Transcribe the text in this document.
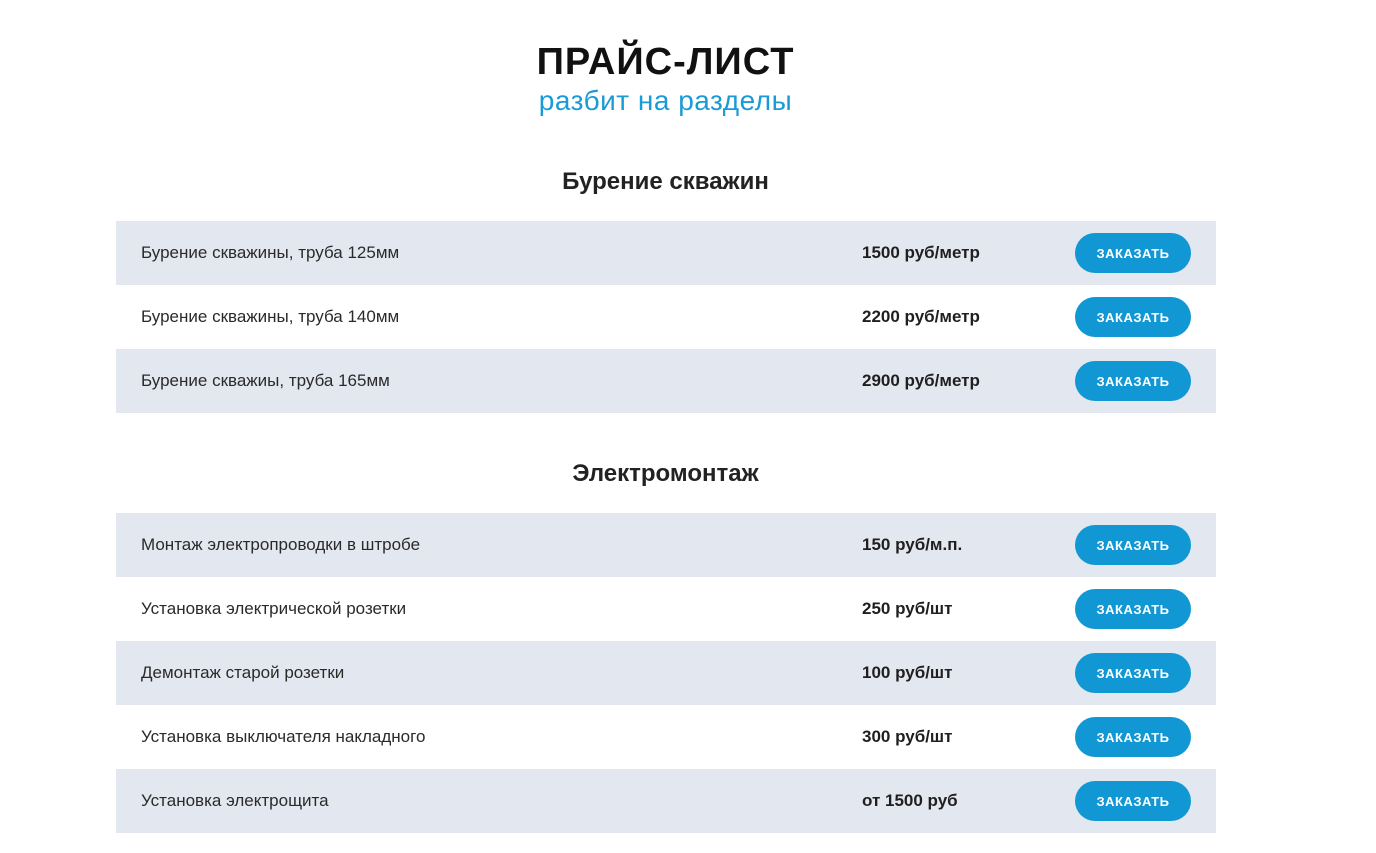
ПРАЙС-ЛИСТ
разбит на разделы
Бурение скважин
Бурение скважины, труба 125мм	1500 руб/метр	ЗАКАЗАТЬ
Бурение скважины, труба 140мм	2200 руб/метр	ЗАКАЗАТЬ
Бурение скважиы, труба 165мм	2900 руб/метр	ЗАКАЗАТЬ
Электромонтаж
Монтаж электропроводки в штробе	150 руб/м.п.	ЗАКАЗАТЬ
Установка электрической розетки	250 руб/шт	ЗАКАЗАТЬ
Демонтаж старой розетки	100 руб/шт	ЗАКАЗАТЬ
Установка выключателя накладного	300 руб/шт	ЗАКАЗАТЬ
Установка электрощита	от 1500 руб	ЗАКАЗАТЬ
